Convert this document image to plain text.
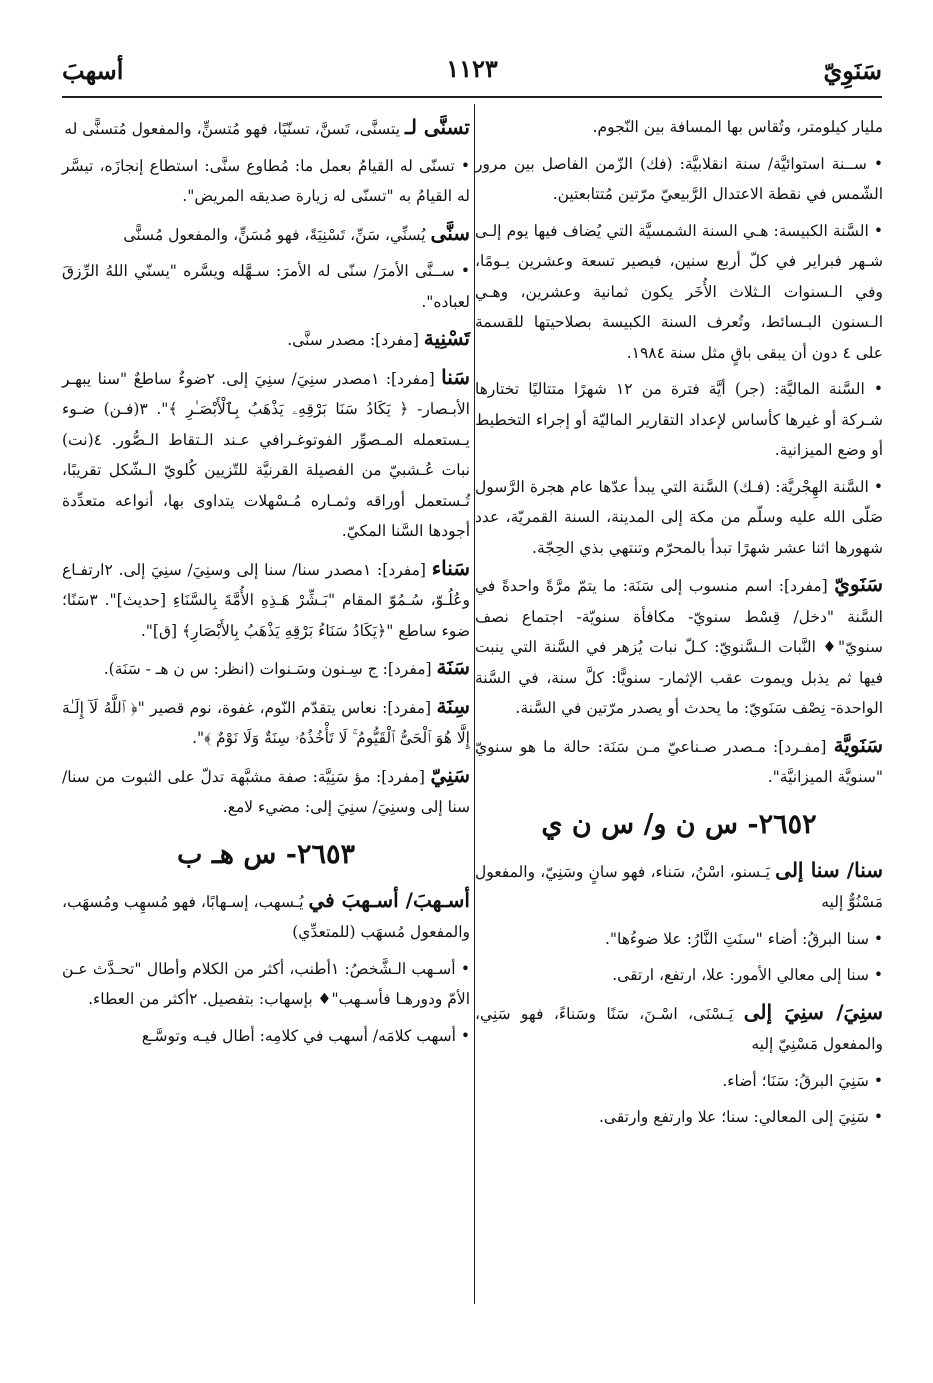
سَنَوِيّ
١١٢٣
أسهبَ
مليار كيلومتر، وتُقاس بها المسافة بين النّجوم.
• ســنة استوائيَّة/ سنة انقلابيَّة: (فك) الزّمن الفاصل بين مرور الشّمس في نقطة الاعتدال الرَّبيعيّ مرّتين مُتتابعتين.
• السَّنة الكبيسة: هـي السنة الشمسيَّة التي يُضاف فيها يوم إلـى شـهر فبراير في كلّ أربع سنين، فيصير تسعة وعشرين يـومًا، وفي الـسنوات الـثلاث الأُخَر يكون ثمانية وعشرين، وهـي الـسنون البـسائط، وتُعرف السنة الكبيسة بصلاحيتها للقسمة على ٤ دون أن يبقى باقٍ مثل سنة ١٩٨٤.
• السَّنة الماليَّة: (جر) أيَّة فترة من ١٢ شهرًا متتاليًا تختارها شـركة أو غيرها كأساس لإعداد التقارير الماليّة أو إجراء التخطيط أو وضع الميزانية.
• السَّنة الهِجْريَّة: (فـك) السَّنة التي يبدأ عدّها عام هجرة الرَّسول صَلّى الله عليه وسلّم من مكة إلى المدينة، السنة القمريّة، عدد شهورها اثنا عشر شهرًا تبدأ بالمحرّم وتنتهي بذي الحِجّة.
سَنَويّ [مفرد]: اسم منسوب إلى سَنَة: ما يتمّ مرَّةً واحدةً في السَّنة "دخل/ قِسْط سنويّ- مكافأة سنويّة- اجتماع نصف سنويّ"♦ النَّبات الـسَّنويّ: كـلّ نبات يُزهر في السَّنة التي ينبت فيها ثم يذبل ويموت عقب الإثمار- سنويًّا: كلَّ سنة، في السَّنة الواحدة- نِصْف سَنَويّ: ما يحدث أو يصدر مرّتين في السَّنة.
سَنَويَّة [مفـرد]: مـصدر صـناعيّ مـن سَنَة: حالة ما هو سنويّ "سنويَّة الميزانيَّة".
٢٦٥٢- س ن و/ س ن ي
سنا/ سنا إلى يَـسنو، اسْنُ، سَناء، فهو سانٍ وسَنِيّ، والمفعول مَسْنُوٌّ إليه
• سنا البرقُ: أضاء "سنَتِ النَّارُ: علا ضوءُها".
• سنا إلى معالي الأمور: علا، ارتفع، ارتقى.
سنِيَ/ سنِيَ إلى يَـسْنَى، اسْـنَ، سَنًا وسَناءً، فهو سَنِي، والمفعول مَسْنِيّ إليه
• سَنِيَ البرقُ: سَنَا؛ أضاء.
• سَنِيَ إلى المعالي: سنا؛ علا وارتفع وارتقى.
تسنَّى لـ يتسنَّى، تَسنَّ، تسنّيًا، فهو مُتسنٍّ، والمفعول مُتسنًّى له
• تسنّى له القيامُ بعمل ما: مُطاوع سنَّى: استطاع إنجازَه، تيسَّر له القيامُ به "تسنّى له زيارة صديقه المريض".
سنَّى يُسنِّي، سَنِّ، تَسْنِيَةً، فهو مُسَنٍّ، والمفعول مُسنًّى
• ســنَّى الأمرَ/ سنّى له الأمرَ: سـهَّله ويسَّره "يسنّي اللهُ الرِّزقَ لعباده".
تَسْنِية [مفرد]: مصدر سنَّى.
سَنا [مفرد]: ١مصدر سنِيَ/ سنِيَ إلى. ٢ضوءٌ ساطعٌ "سنا يبهـر الأبـصار- ﴿ يَكَادُ سَنَا بَرْقِهِۦ يَذْهَبُ بِٱلْأَبْصَـٰرِ ﴾". ٣(فـن) ضـوء يـستعمله المـصوِّر الفوتوغـرافي عـند الـتقاط الـصُّور. ٤(نت) نبات عُـشبيّ من الفصيلة القرنيَّة للتّزيين كُلويّ الـشّكل تقريبًا، تُـستعمل أوراقه وثمـاره مُـسْهلات يتداوى بها، أنواعه متعدِّدة أجودها السَّنا المكيّ.
سَناء [مفرد]: ١مصدر سنا/ سنا إلى وسنِيَ/ سنِيَ إلى. ٢ارتفـاع وعُلُـوّ، سُـمُوّ المقام "بَـشِّرْ هَـذِهِ الأُمَّةَ بِالسَّنَاءِ [حديث]". ٣سَنًا؛ ضوء ساطع "﴿يَكَادُ سَنَاءُ بَرْقِهِ يَذْهَبُ بِالأَبْصَارِ﴾ [ق]".
سَنَة [مفرد]: ج سِـنون وسَـنوات (انظر: س ن هـ - سَنَة).
سِنَة [مفرد]: نعاس يتقدّم النّوم، غفوة، نوم قصير "﴿ ٱللَّهُ لَآ إِلَـٰهَ إِلَّا هُوَ ٱلْحَىُّ ٱلْقَيُّومُ ۚ لَا تَأْخُذُهُۥ سِنَةٌ وَلَا نَوْمٌ ﴾".
سَنِيّ [مفرد]: مؤ سَنِيَّة: صفة مشبَّهة تدلّ على الثبوت من سنا/ سنا إلى وسنِيَ/ سنِيَ إلى: مضيء لامع.
٢٦٥٣- س هـ ب
أسـهبَ/ أسـهبَ في يُـسهب، إسـهابًا، فهو مُسهِب ومُسهَب، والمفعول مُسهَب (للمتعدِّي)
• أسـهب الـشَّخصُ: ١أطنب، أكثر من الكلام وأطال "تحـدَّث عـن الأمّ ودورهـا فأسـهب"♦ بإسهاب: بتفصيل. ٢أكثر من العطاء.
• أسهب كلامَه/ أسهب في كلامِه: أطال فيـه وتوسَّـع
